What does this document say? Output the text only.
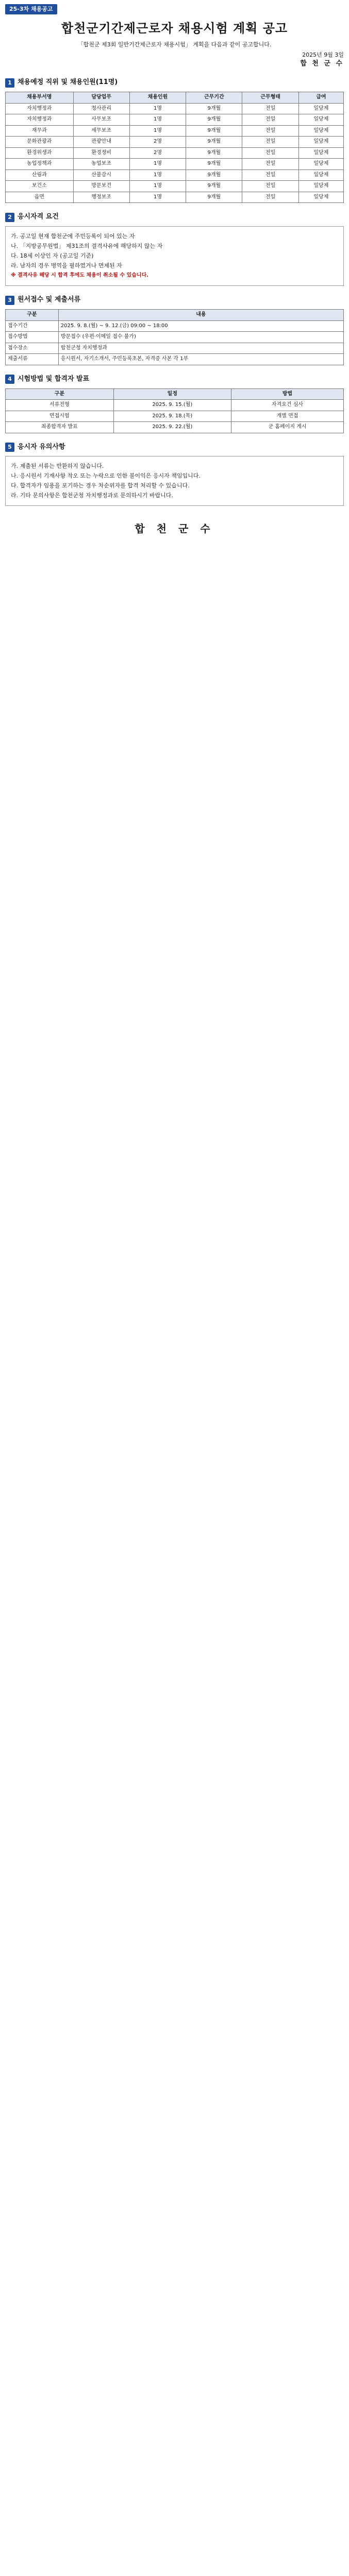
25-3차 채용공고
합천군기간제근로자 채용시험 계획 공고

「합천군 제3회 일반기간제근로자 채용시험」 계획을 다음과 같이 공고합니다.

2025년 9월 3일
합 천 군 수
1 채용예정 직위 및 채용인원(11명)
채용부서명	담당업무	채용인원	근무기간	근무형태	급여
자치행정과	청사관리	1명	9개월	전일	일당제
자치행정과	사무보조	1명	9개월	전일	일당제
재무과	세무보조	1명	9개월	전일	일당제
문화관광과	관광안내	2명	9개월	전일	일당제
환경위생과	환경정비	2명	9개월	전일	일당제
농업정책과	농업보조	1명	9개월	전일	일당제
산림과	산불감시	1명	9개월	전일	일당제
보건소	방문보건	1명	9개월	전일	일당제
읍면	행정보조	1명	9개월	전일	일당제
2 응시자격 요건

가. 공고일 현재 합천군에 주민등록이 되어 있는 자

나. 「지방공무원법」 제31조의 결격사유에 해당하지 않는 자

다. 18세 이상인 자 (공고일 기준)

라. 남자의 경우 병역을 필하였거나 면제된 자

※ 결격사유 해당 시 합격 후에도 채용이 취소될 수 있습니다.

3 원서접수 및 제출서류
구분	내용
접수기간	2025. 9. 8.(월) ~ 9. 12.(금) 09:00 ~ 18:00
접수방법	방문접수 (우편·이메일 접수 불가)
접수장소	합천군청 자치행정과
제출서류	응시원서, 자기소개서, 주민등록초본, 자격증 사본 각 1부
4 시험방법 및 합격자 발표
구분	일정	방법
서류전형	2025. 9. 15.(월)	자격요건 심사
면접시험	2025. 9. 18.(목)	개별 면접
최종합격자 발표	2025. 9. 22.(월)	군 홈페이지 게시
5 응시자 유의사항

가. 제출된 서류는 반환하지 않습니다.

나. 응시원서 기재사항 착오 또는 누락으로 인한 불이익은 응시자 책임입니다.

다. 합격자가 임용을 포기하는 경우 차순위자를 합격 처리할 수 있습니다.

라. 기타 문의사항은 합천군청 자치행정과로 문의하시기 바랍니다.

합 천 군 수
